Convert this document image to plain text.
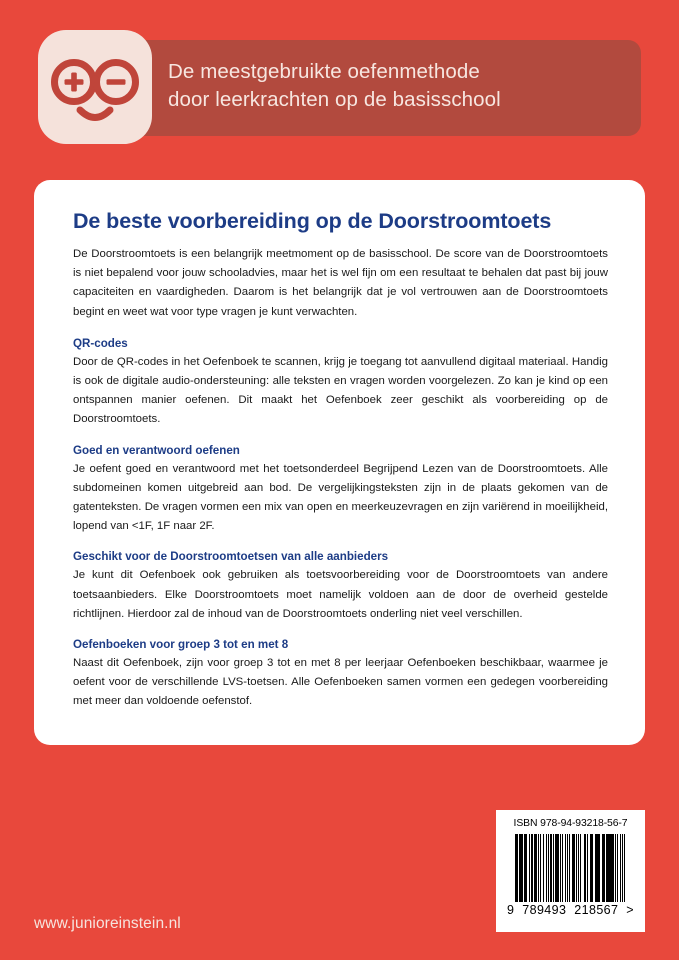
De meestgebruikte oefenmethode
door leerkrachten op de basisschool
De beste voorbereiding op de Doorstroomtoets
De Doorstroomtoets is een belangrijk meetmoment op de basisschool. De score van de Doorstroomtoets is niet bepalend voor jouw schooladvies, maar het is wel fijn om een resultaat te behalen dat past bij jouw capaciteiten en vaardigheden. Daarom is het belangrijk dat je vol vertrouwen aan de Doorstroomtoets begint en weet wat voor type vragen je kunt verwachten.
QR-codes
Door de QR-codes in het Oefenboek te scannen, krijg je toegang tot aanvullend digitaal materiaal. Handig is ook de digitale audio-ondersteuning: alle teksten en vragen worden voorgelezen. Zo kan je kind op een ontspannen manier oefenen. Dit maakt het Oefenboek zeer geschikt als voorbereiding op de Doorstroomtoets.
Goed en verantwoord oefenen
Je oefent goed en verantwoord met het toetsonderdeel Begrijpend Lezen van de Doorstroomtoets. Alle subdomeinen komen uitgebreid aan bod. De vergelijkingsteksten zijn in de plaats gekomen van de gatenteksten. De vragen vormen een mix van open en meerkeuzevragen en zijn variërend in moeilijkheid, lopend van <1F, 1F naar 2F.
Geschikt voor de Doorstroomtoetsen van alle aanbieders
Je kunt dit Oefenboek ook gebruiken als toetsvoorbereiding voor de Doorstroomtoets van andere toetsaanbieders. Elke Doorstroomtoets moet namelijk voldoen aan de door de overheid gestelde richtlijnen. Hierdoor zal de inhoud van de Doorstroomtoets onderling niet veel verschillen.
Oefenboeken voor groep 3 tot en met 8
Naast dit Oefenboek, zijn voor groep 3 tot en met 8 per leerjaar Oefenboeken beschikbaar, waarmee je oefent voor de verschillende LVS-toetsen. Alle Oefenboeken samen vormen een gedegen voorbereiding met meer dan voldoende oefenstof.
ISBN 978-94-93218-56-7
9 789493 218567 >
www.junioreinstein.nl
